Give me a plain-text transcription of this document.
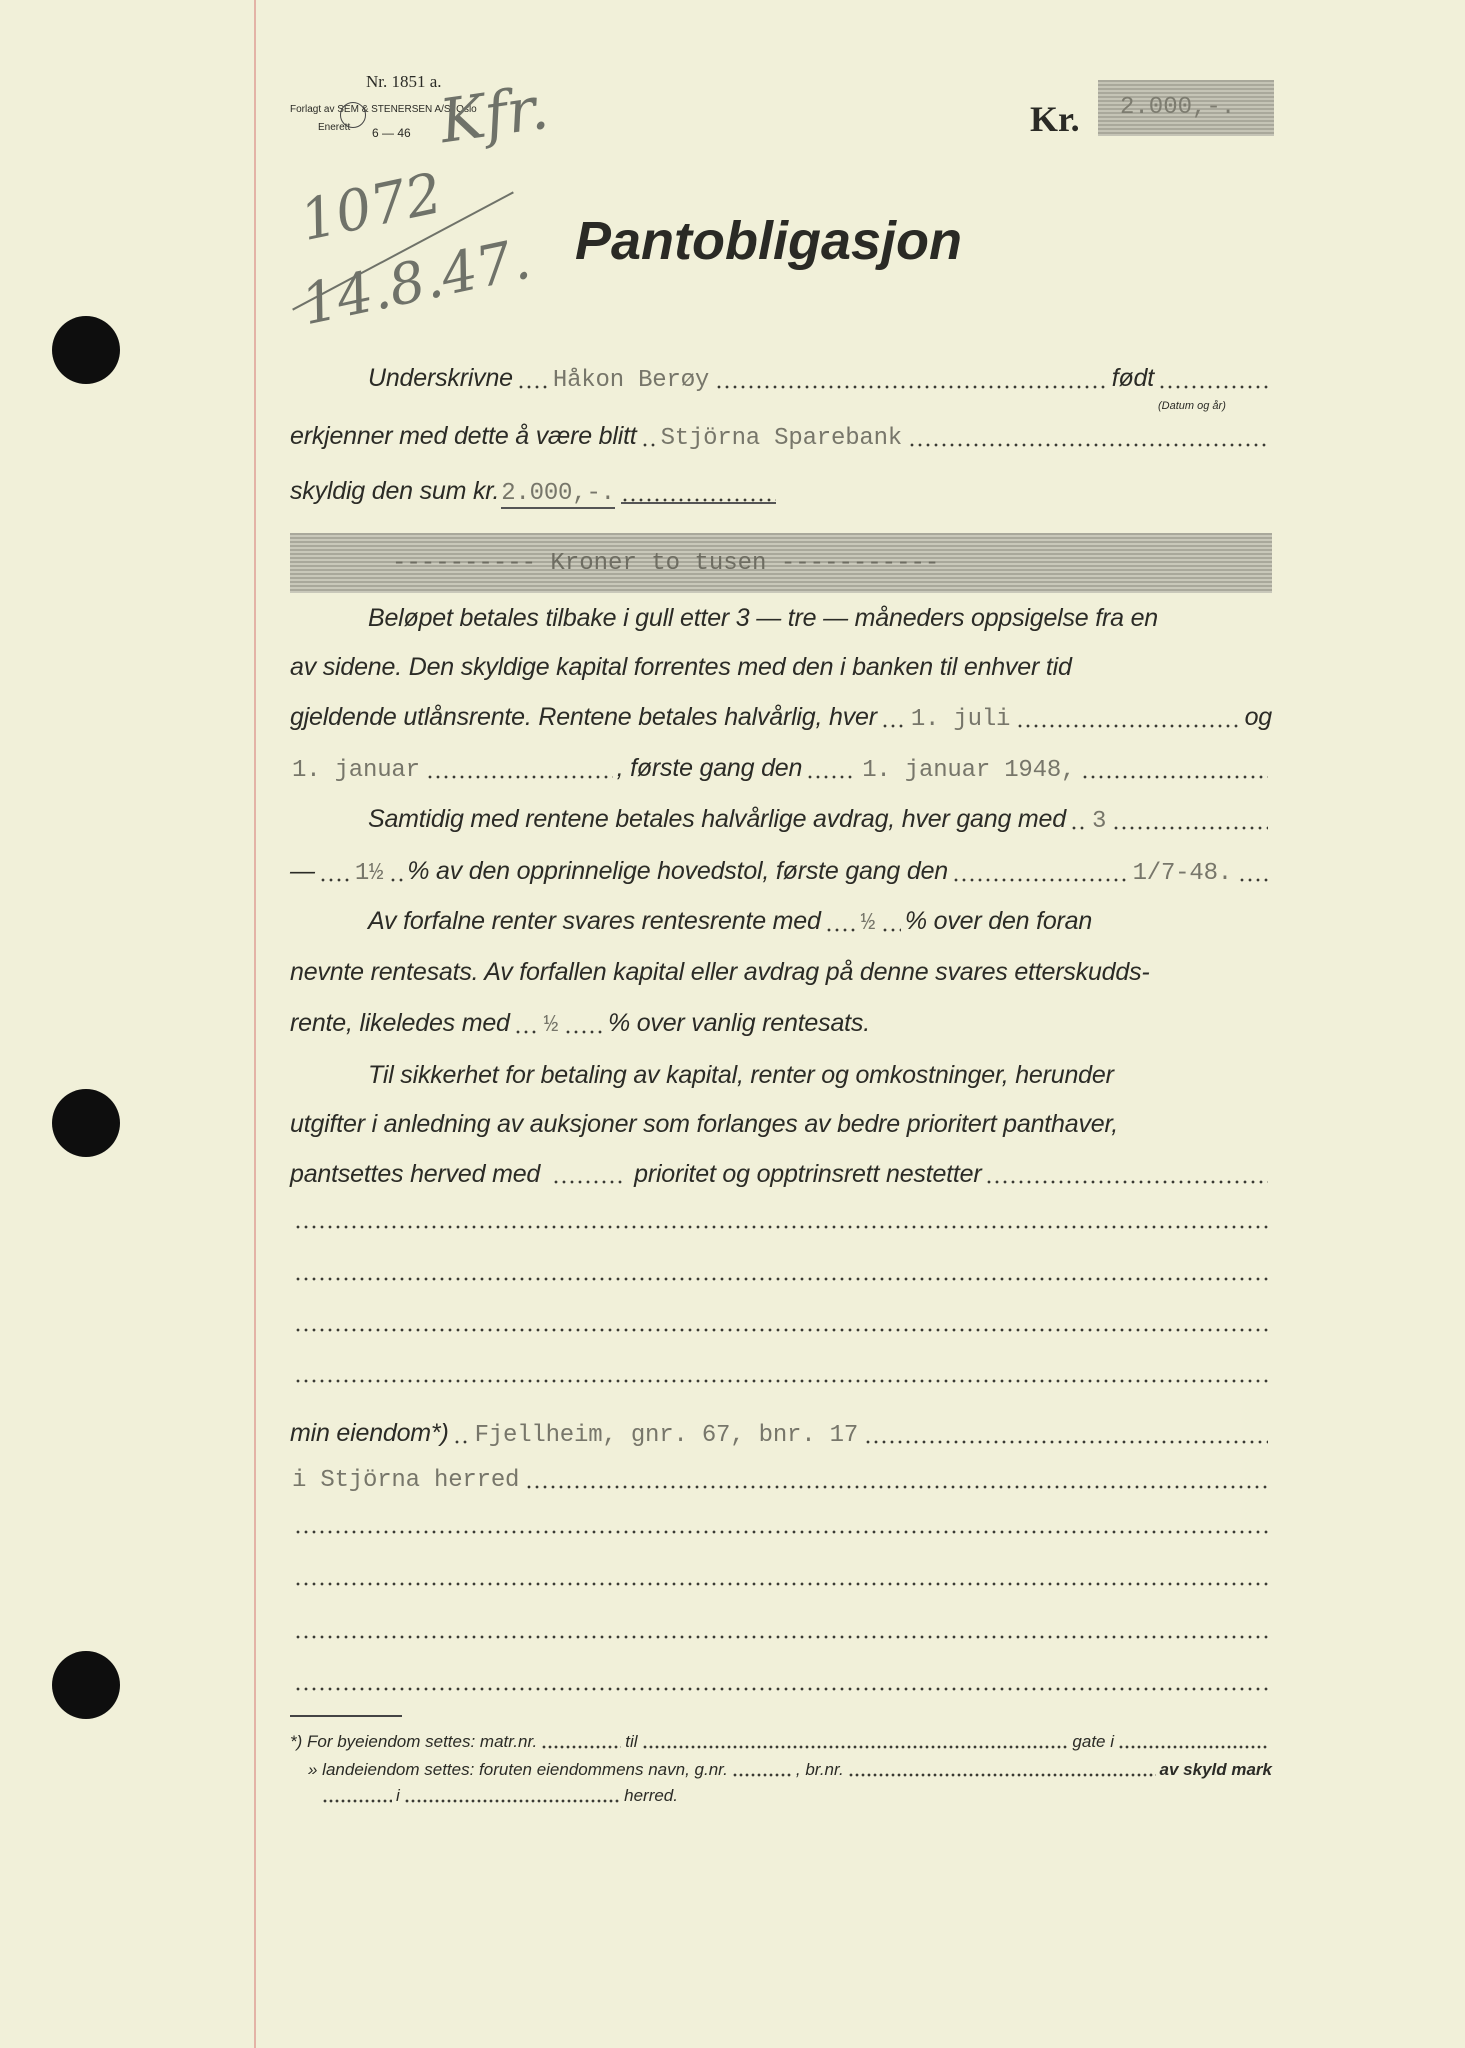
Nr. 1851 a.
Forlagt av SEM & STENERSEN A/S, Oslo
Enerett 6 — 46 Kfr.	Kr. 2.000,-.
1072
14.8.47. Pantobligasjon
Underskrivne Håkon Berøy	født
(Datum og år)
erkjenner med dette å være blitt Stjörna Sparebank
skyldig den sum kr. 2.000,-.
---------- Kroner to tusen -----------
Beløpet betales tilbake i gull etter 3 — tre — måneders oppsigelse fra en
av sidene. Den skyldige kapital forrentes med den i banken til enhver tid
gjeldende utlånsrente. Rentene betales halvårlig, hver 1. juli	og
1. januar	, første gang den	1. januar 1948,
Samtidig med rentene betales halvårlige avdrag, hver gang med 3
— 1½ % av den opprinnelige hovedstol, første gang den	1/7-48.
Av forfalne renter svares rentesrente med ½ % over den foran
nevnte rentesats. Av forfallen kapital eller avdrag på denne svares etterskudds-
rente, likeledes med ½ % over vanlig rentesats.
Til sikkerhet for betaling av kapital, renter og omkostninger, herunder
utgifter i anledning av auksjoner som forlanges av bedre prioritert panthaver,
pantsettes herved med	prioritet og opptrinsrett nestetter
min eiendom*) Fjellheim, gnr. 67, bnr. 17
i Stjörna herred
*) For byeiendom settes: matr.nr.	til	gate i
» landeiendom settes: foruten eiendommens navn, g.nr.	, br.nr.	av skyld mark
i	herred.
